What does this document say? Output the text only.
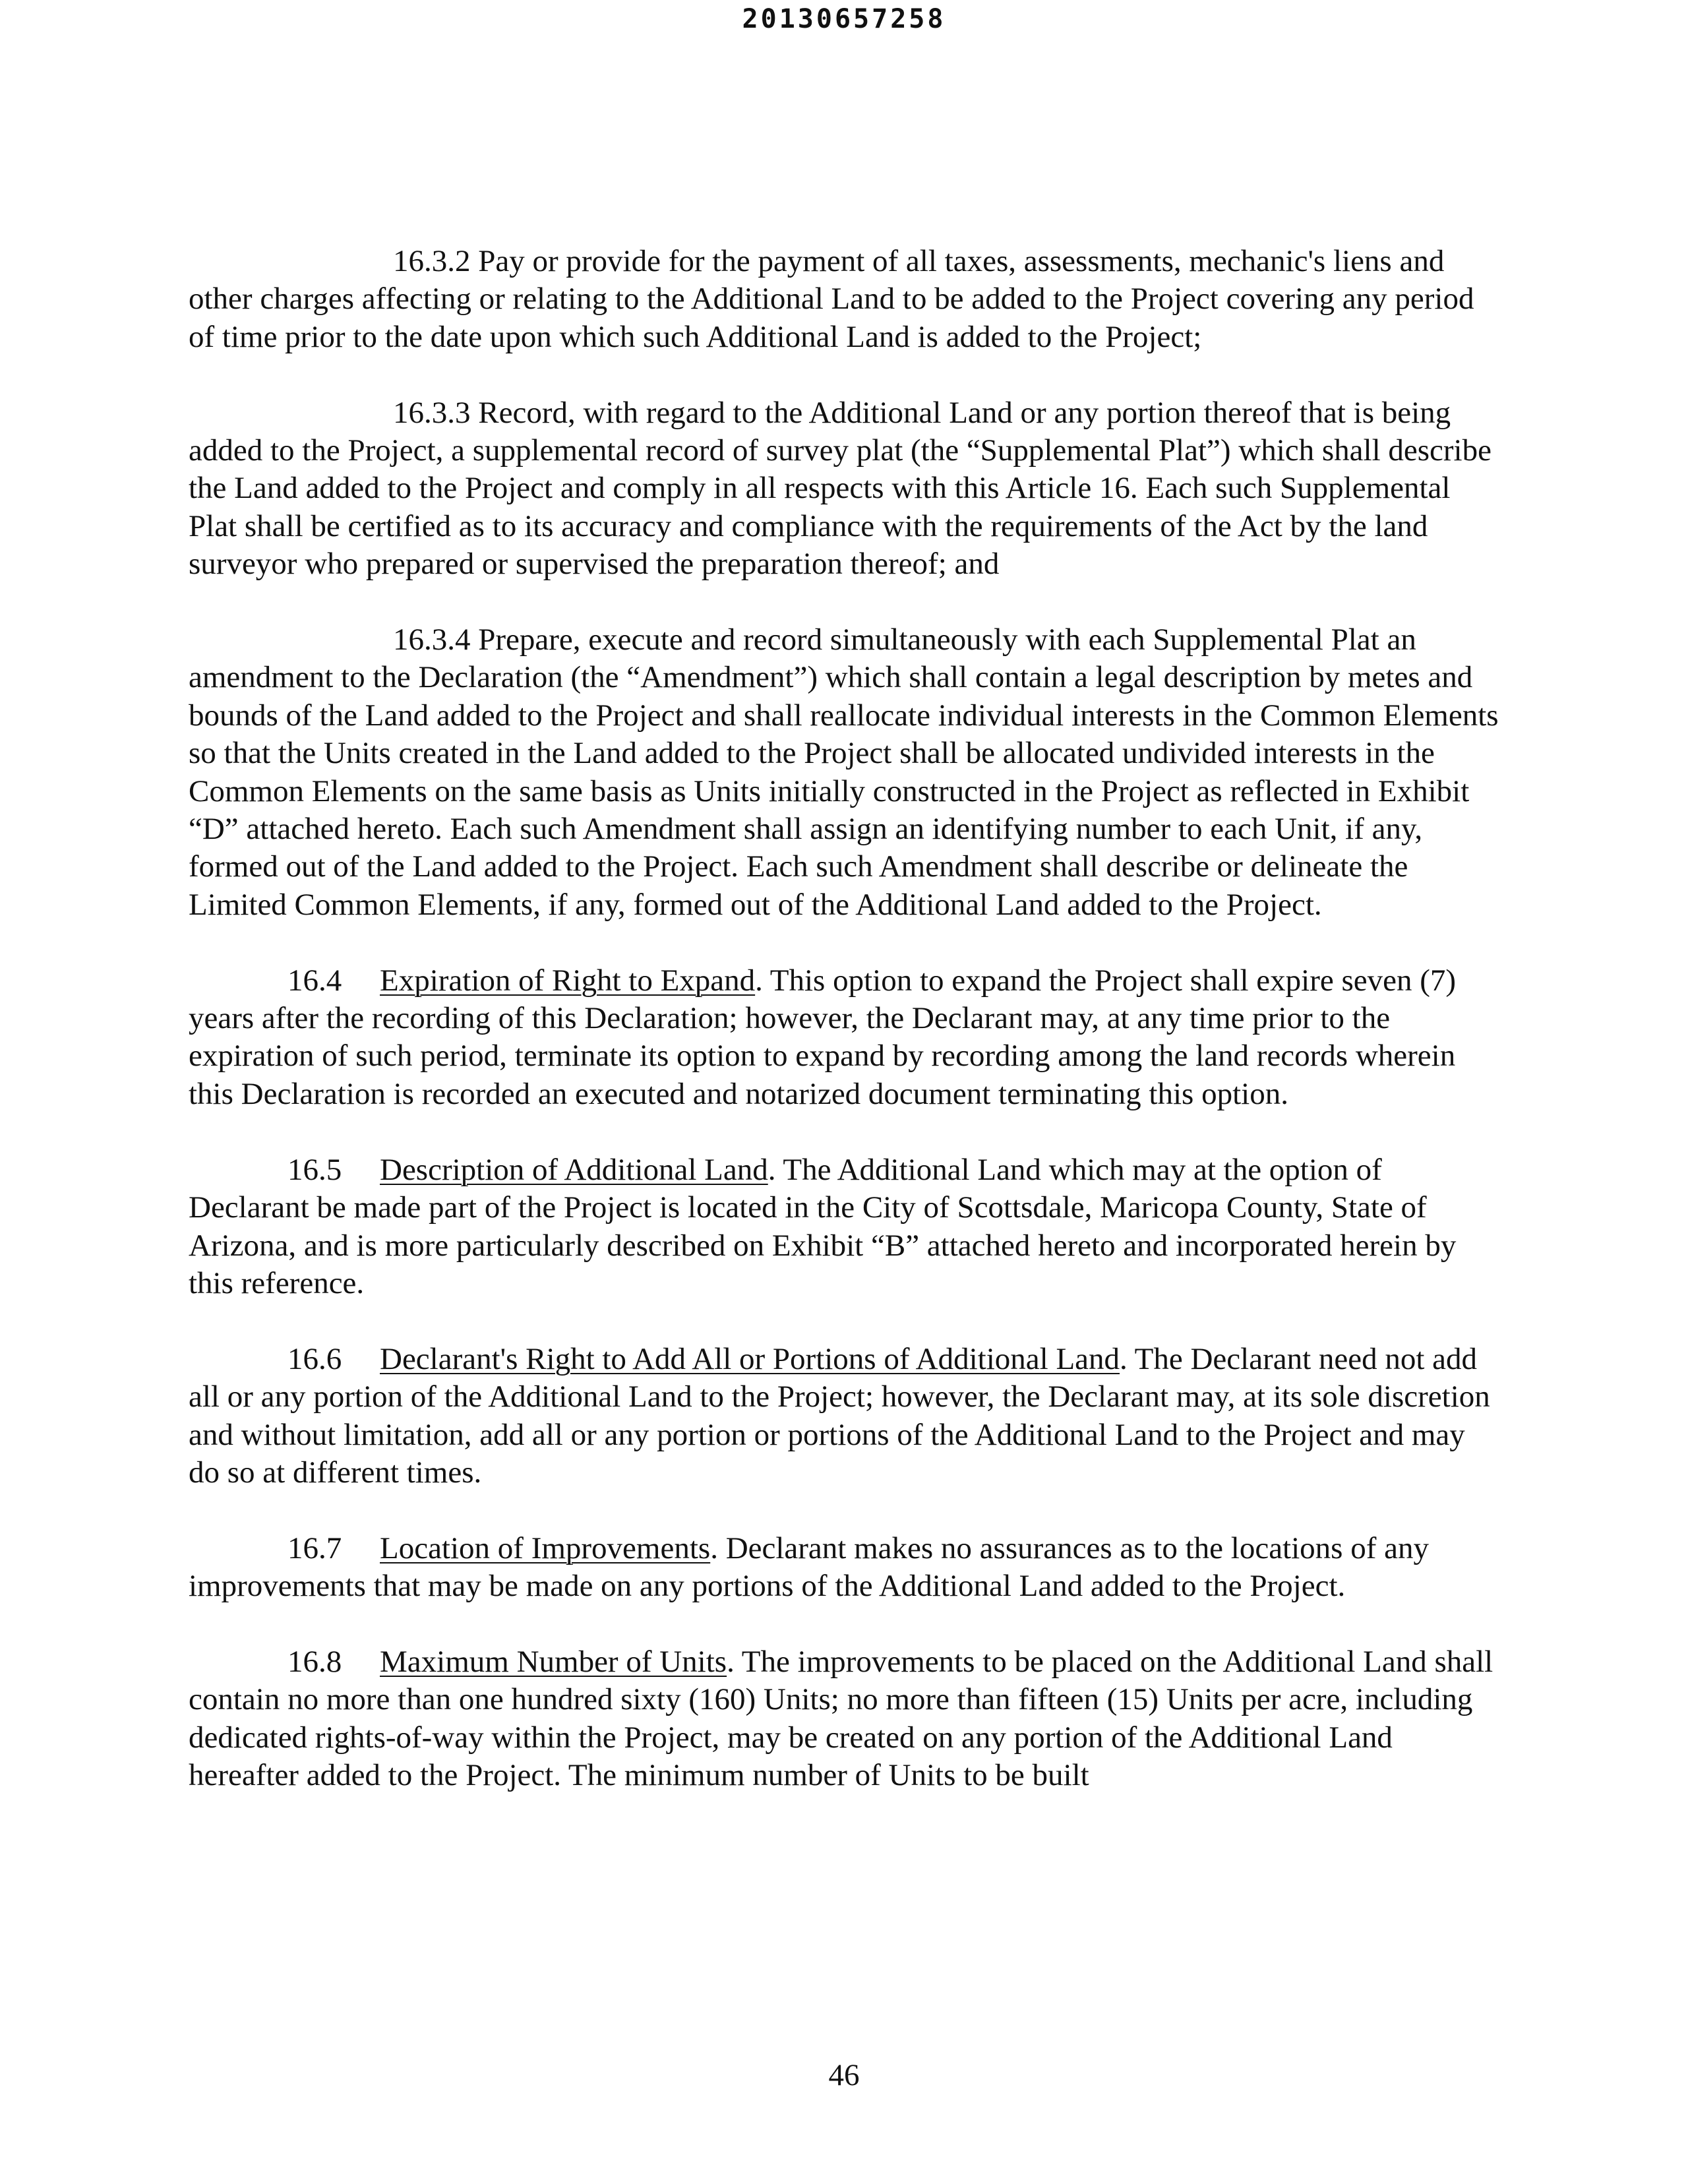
20130657258

16.3.2 Pay or provide for the payment of all taxes, assessments, mechanic's liens and other charges affecting or relating to the Additional Land to be added to the Project covering any period of time prior to the date upon which such Additional Land is added to the Project;

16.3.3 Record, with regard to the Additional Land or any portion thereof that is being added to the Project, a supplemental record of survey plat (the “Supplemental Plat”) which shall describe the Land added to the Project and comply in all respects with this Article 16. Each such Supplemental Plat shall be certified as to its accuracy and compliance with the requirements of the Act by the land surveyor who prepared or supervised the preparation thereof; and

16.3.4 Prepare, execute and record simultaneously with each Supplemental Plat an amendment to the Declaration (the “Amendment”) which shall contain a legal description by metes and bounds of the Land added to the Project and shall reallocate individual interests in the Common Elements so that the Units created in the Land added to the Project shall be allocated undivided interests in the Common Elements on the same basis as Units initially constructed in the Project as reflected in Exhibit “D” attached hereto. Each such Amendment shall assign an identifying number to each Unit, if any, formed out of the Land added to the Project. Each such Amendment shall describe or delineate the Limited Common Elements, if any, formed out of the Additional Land added to the Project.

16.4 Expiration of Right to Expand. This option to expand the Project shall expire seven (7) years after the recording of this Declaration; however, the Declarant may, at any time prior to the expiration of such period, terminate its option to expand by recording among the land records wherein this Declaration is recorded an executed and notarized document terminating this option.

16.5 Description of Additional Land. The Additional Land which may at the option of Declarant be made part of the Project is located in the City of Scottsdale, Maricopa County, State of Arizona, and is more particularly described on Exhibit “B” attached hereto and incorporated herein by this reference.

16.6 Declarant's Right to Add All or Portions of Additional Land. The Declarant need not add all or any portion of the Additional Land to the Project; however, the Declarant may, at its sole discretion and without limitation, add all or any portion or portions of the Additional Land to the Project and may do so at different times.

16.7 Location of Improvements. Declarant makes no assurances as to the locations of any improvements that may be made on any portions of the Additional Land added to the Project.

16.8 Maximum Number of Units. The improvements to be placed on the Additional Land shall contain no more than one hundred sixty (160) Units; no more than fifteen (15) Units per acre, including dedicated rights-of-way within the Project, may be created on any portion of the Additional Land hereafter added to the Project. The minimum number of Units to be built

46
